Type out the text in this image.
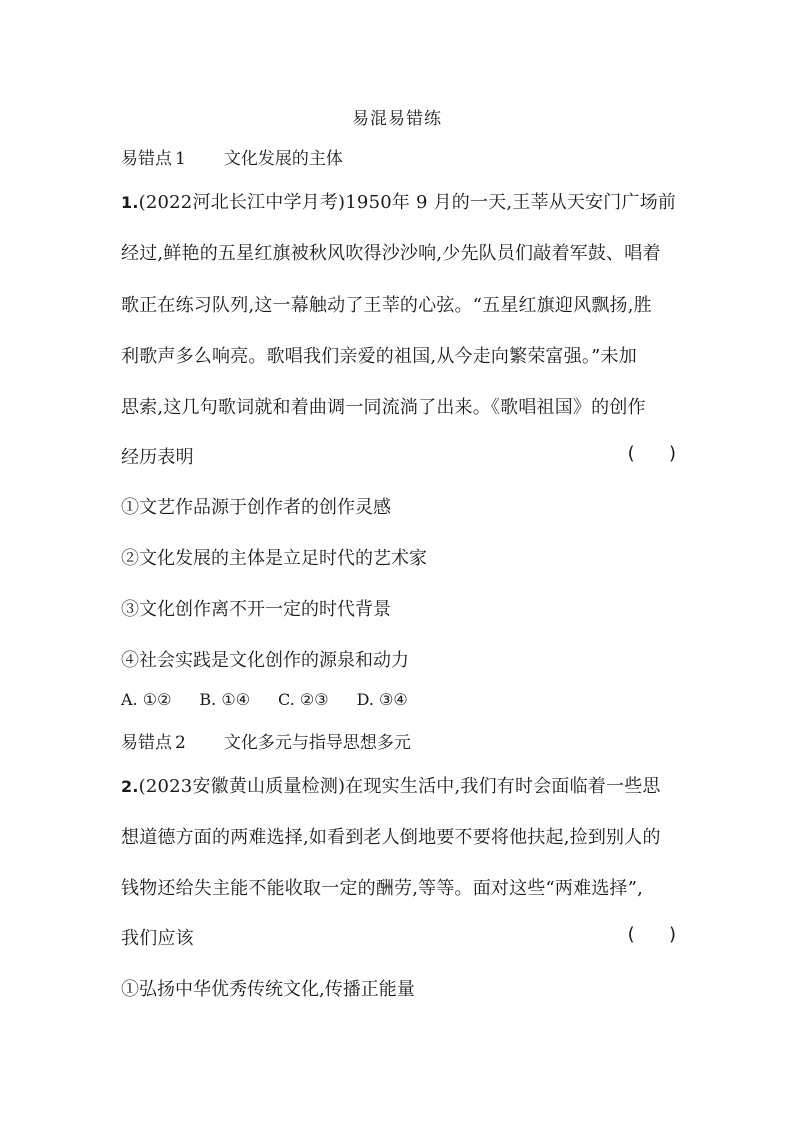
易混易错练
易错点 1 文化发展的主体
1.(2022河北长江中学月考)1950年 9 月的一天,王莘从天安门广场前
经过,鲜艳的五星红旗被秋风吹得沙沙响,少先队员们敲着军鼓、唱着
歌正在练习队列,这一幕触动了王莘的心弦。“五星红旗迎风飘扬,胜
利歌声多么响亮。歌唱我们亲爱的祖国,从今走向繁荣富强。”未加
思索,这几句歌词就和着曲调一同流淌了出来。《歌唱祖国》的创作
经历表明	(      )
①文艺作品源于创作者的创作灵感
②文化发展的主体是立足时代的艺术家
③文化创作离不开一定的时代背景
④社会实践是文化创作的源泉和动力
A. ①② B. ①④ C. ②③ D. ③④
易错点 2 文化多元与指导思想多元
2.(2023安徽黄山质量检测)在现实生活中,我们有时会面临着一些思
想道德方面的两难选择,如看到老人倒地要不要将他扶起,捡到别人的
钱物还给失主能不能收取一定的酬劳,等等。面对这些“两难选择”,
我们应该	(      )
①弘扬中华优秀传统文化,传播正能量
